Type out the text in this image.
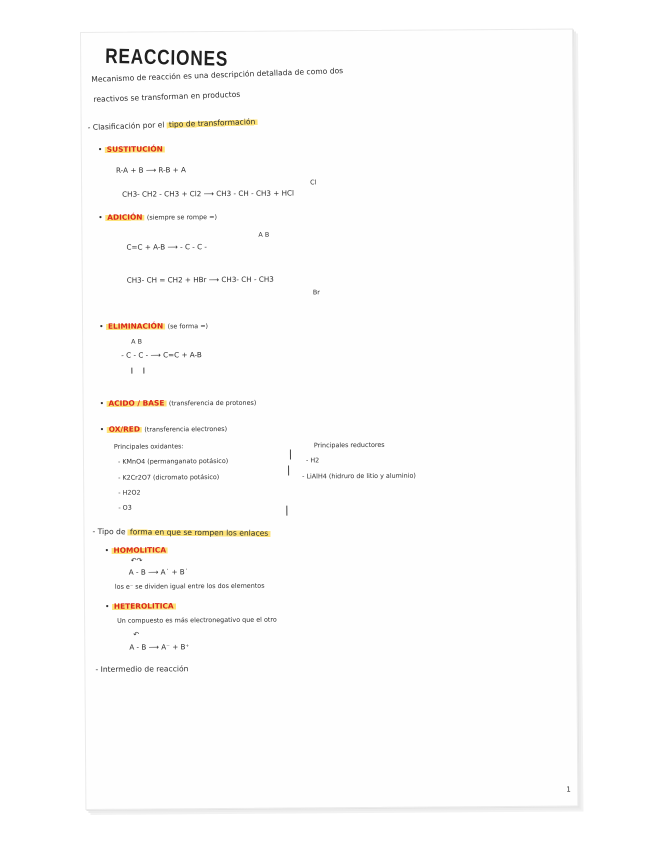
REACCIONES
Mecanismo de reacción es una descripción detallada de como dos
reactivos se transforman en productos
- Clasificación por el tipo de transformación
• SUSTITUCIÓN
R-A + B ⟶ R-B + A
Cl
CH3- CH2 - CH3 + Cl2 ⟶ CH3 - CH - CH3 + HCl
• ADICIÓN (siempre se rompe =)
A B
C=C + A-B ⟶ - C - C -
CH3- CH = CH2 + HBr ⟶ CH3- CH - CH3
Br
• ELIMINACIÓN (se forma =)
A B
- C - C - ⟶ C=C + A-B
• ACIDO / BASE (transferencia de protones)
• OX/RED (transferencia electrones)
Principales oxidantes:
- KMnO4 (permanganato potásico)
- K2Cr2O7 (dicromato potásico)
- H2O2
- O3
Principales reductores
- H2
- LiAlH4 (hidruro de litio y aluminio)
- Tipo de forma en que se rompen los enlaces
• HOMOLITICA
↶↷
A - B ⟶ A˙ + B˙
los e⁻ se dividen igual entre los dos elementos
• HETEROLITICA
Un compuesto es más electronegativo que el otro
↶
A - B ⟶ A⁻ + B⁺
- Intermedio de reacción
1
